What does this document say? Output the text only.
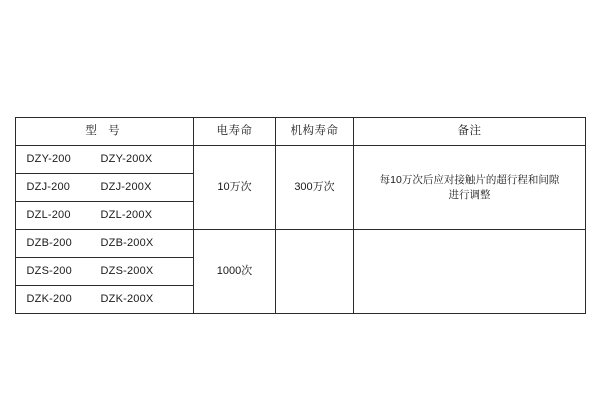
型 号	电寿命	机构寿命	备注
DZY-200 DZY-200X	10万次	300万次	每10万次后应对接触片的超行程和间隙
进行调整

DZJ-200 DZJ-200X			
DZL-200 DZL-200X			
DZB-200 DZB-200X	1000次		
DZS-200 DZS-200X			
DZK-200 DZK-200X			
